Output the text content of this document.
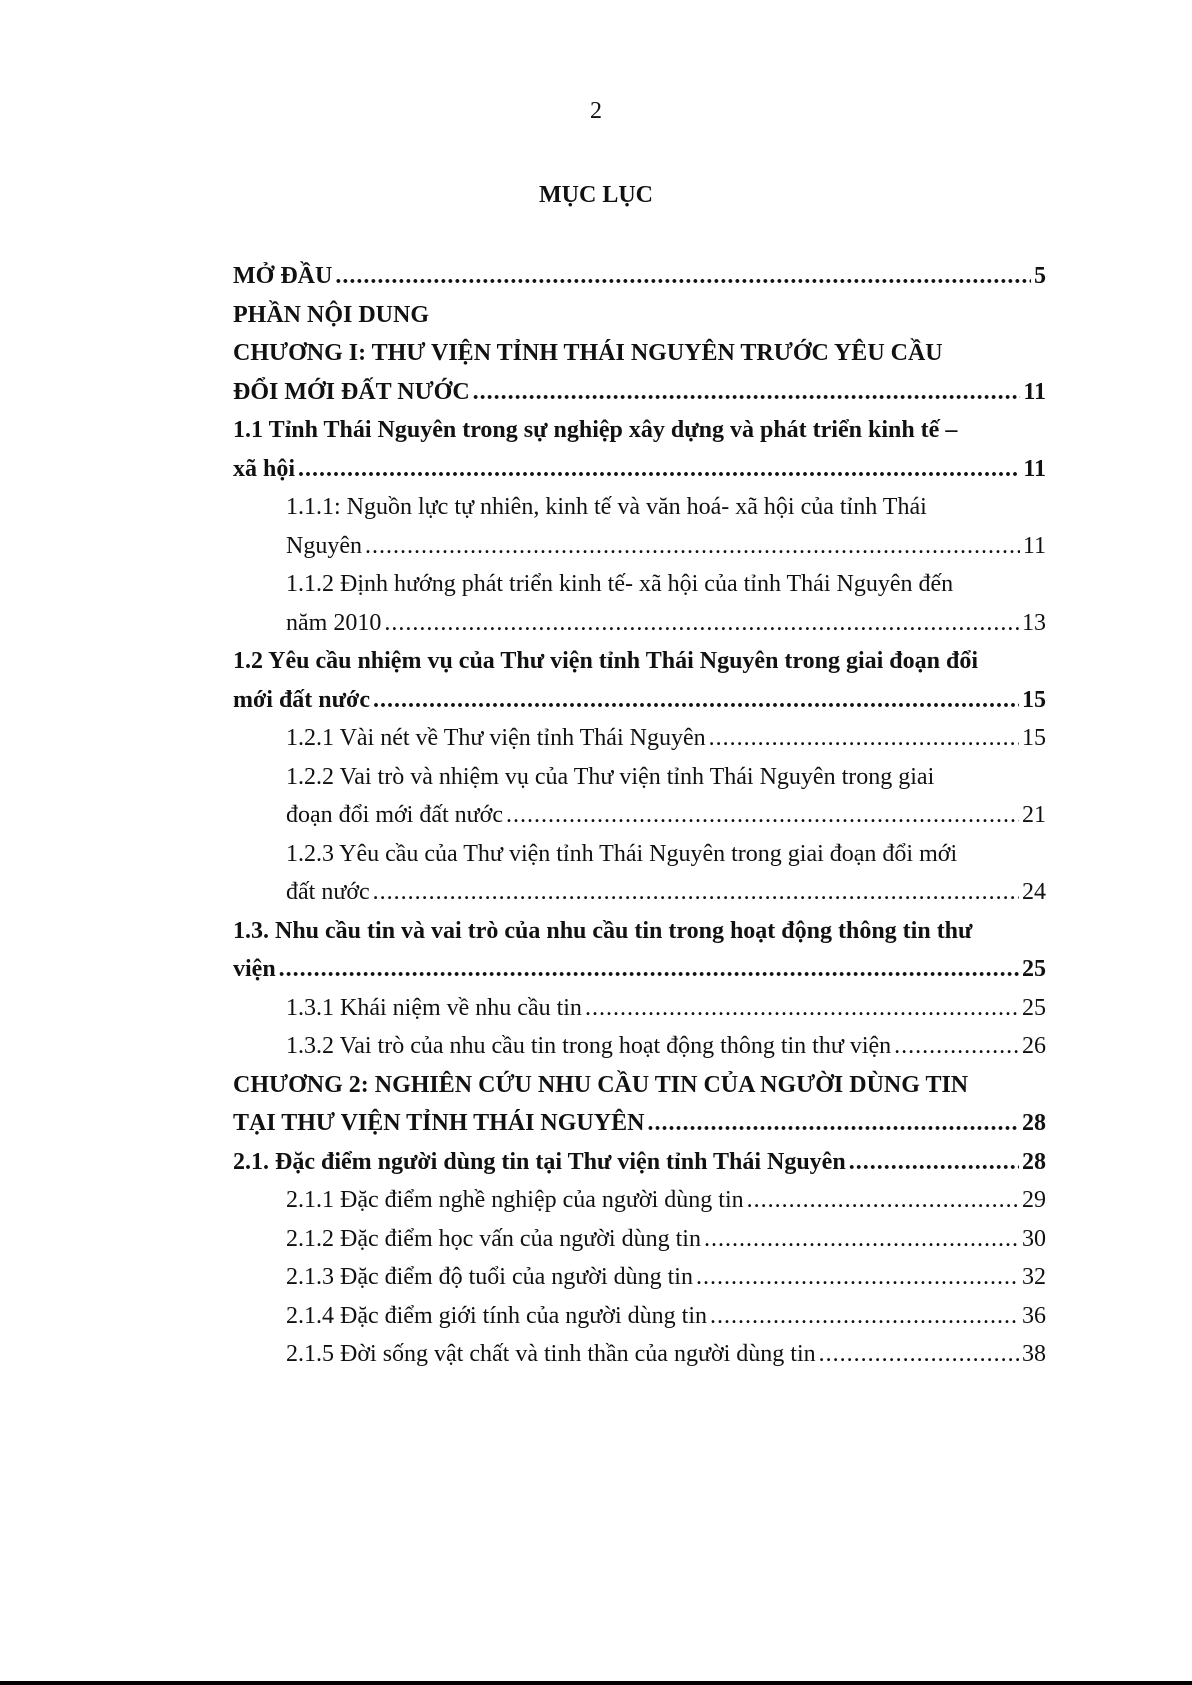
2
MỤC LỤC
MỞ ĐẦU .....	5
PHẦN NỘI DUNG
CHƯƠNG I: THƯ VIỆN TỈNH THÁI NGUYÊN TRƯỚC YÊU CẦU
ĐỔI MỚI ĐẤT NƯỚC .....	11
1.1 Tỉnh Thái Nguyên trong sự nghiệp xây dựng và phát triển kinh tế –
xã hội .....	11
1.1.1: Nguồn lực tự nhiên, kinh tế và văn hoá- xã hội của tỉnh Thái
Nguyên .....	11
1.1.2 Định hướng phát triển kinh tế- xã hội của tỉnh Thái Nguyên đến
năm 2010 .....	13
1.2 Yêu cầu nhiệm vụ của Thư viện tỉnh Thái Nguyên trong giai đoạn đổi
mới đất nước .....	15
1.2.1 Vài nét về Thư viện tỉnh Thái Nguyên .....	15
1.2.2 Vai trò và nhiệm vụ của Thư viện tỉnh Thái Nguyên trong giai
đoạn đổi mới đất nước .....	21
1.2.3 Yêu cầu của Thư viện tỉnh Thái Nguyên trong giai đoạn đổi mới
đất nước .....	24
1.3. Nhu cầu tin và vai trò của nhu cầu tin trong hoạt động thông tin thư
viện .....	25
1.3.1 Khái niệm về nhu cầu tin .....	25
1.3.2 Vai trò của nhu cầu tin trong hoạt động thông tin thư viện .....	26
CHƯƠNG 2: NGHIÊN CỨU NHU CẦU TIN CỦA NGƯỜI DÙNG TIN
TẠI THƯ VIỆN TỈNH THÁI NGUYÊN .....	28
2.1. Đặc điểm người dùng tin tại Thư viện tỉnh Thái Nguyên .....	28
2.1.1 Đặc điểm nghề nghiệp của người dùng tin .....	29
2.1.2 Đặc điểm học vấn của người dùng tin .....	30
2.1.3 Đặc điểm độ tuổi của người dùng tin .....	32
2.1.4 Đặc điểm giới tính của người dùng tin .....	36
2.1.5 Đời sống vật chất và tinh thần của người dùng tin .....	38
